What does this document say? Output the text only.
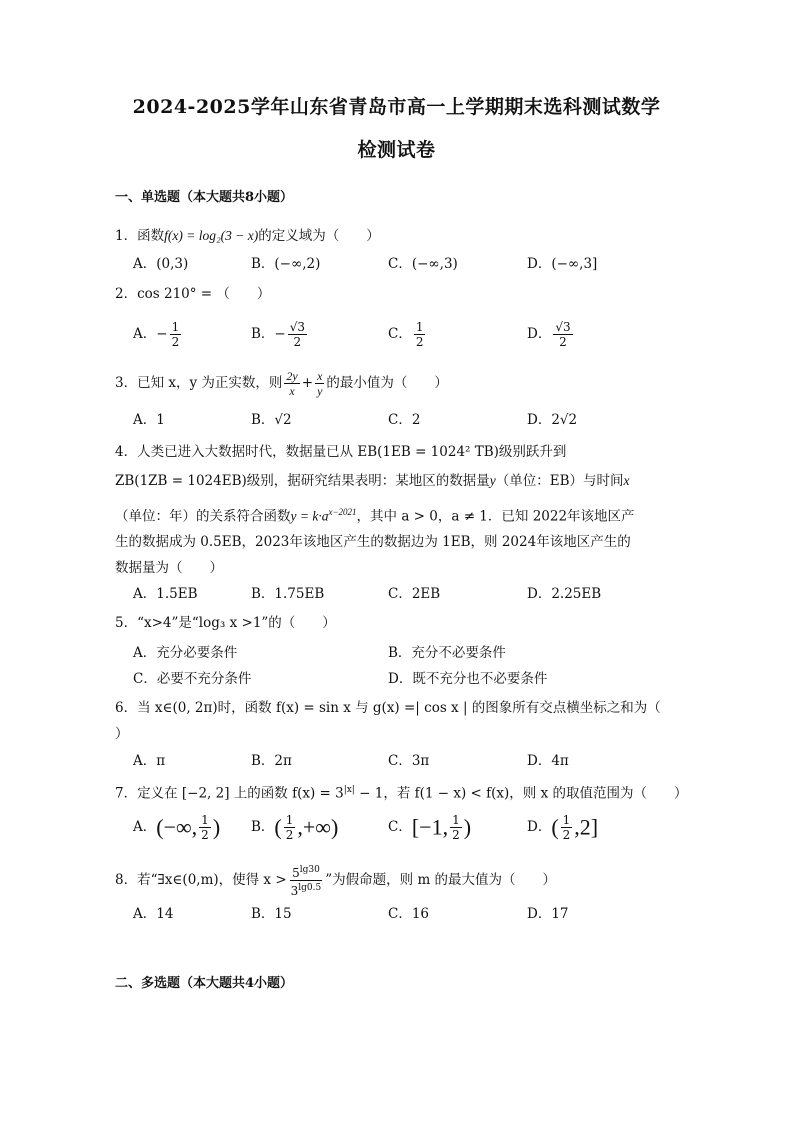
2024-2025学年山东省青岛市高一上学期期末选科测试数学
检测试卷
一、单选题（本大题共8小题）
1．函数f(x) = log₂(3 − x)的定义域为（　　）
A．(0,3)	B．(−∞,2)	C．(−∞,3)	D．(−∞,3]
2．cos 210° = （　　）
A．− $\frac{1}{2}$	B．− $\frac{√3}{2}$	C． $\frac{1}{2}$	D． $\frac{√3}{2}$
3．已知 x，y 为正实数，则 $\frac{2y}{x} + \frac{x}{y}$ 的最小值为（　　）
A．1	B．√2	C．2	D．2√2
4．人类已进入大数据时代，数据量已从 EB(1EB = 1024² TB)级别跃升到
ZB(1ZB = 1024EB)级别，据研究结果表明：某地区的数据量y（单位：EB）与时间x
（单位：年）的关系符合函数$y = k\cdot a^{x-2021}$，其中 a > 0，a ≠ 1．已知 2022年该地区产
生的数据成为 0.5EB，2023年该地区产生的数据边为 1EB，则 2024年该地区产生的
数据量为（　　）
A．1.5EB	B．1.75EB	C．2EB	D．2.25EB
5．“x>4”是“log₃ x >1”的（　　）
A．充分必要条件	B．充分不必要条件
C．必要不充分条件	D．既不充分也不必要条件
6．当 x∈(0, 2π)时，函数 f(x) = sin x 与 g(x) =| cos x | 的图象所有交点横坐标之和为（
）
A．π	B．2π	C．3π	D．4π
7．定义在 [−2, 2] 上的函数 $f(x) = 3^{|x|} - 1$，若 f(1 − x) < f(x)，则 x 的取值范围为（　　）
A．(−∞, $\frac{1}{2}$ ) B．( $\frac{1}{2}$ ,+∞)	C．[−1, $\frac{1}{2}$ )	D．( $\frac{1}{2} ,2$]
8．若“∃x∈(0,m)，使得 $x > \frac{5^{lg30}}{3^{lg0.5}}$ ”为假命题，则 m 的最大值为（　　）
A．14	B．15	C．16	D．17
二、多选题（本大题共4小题）
